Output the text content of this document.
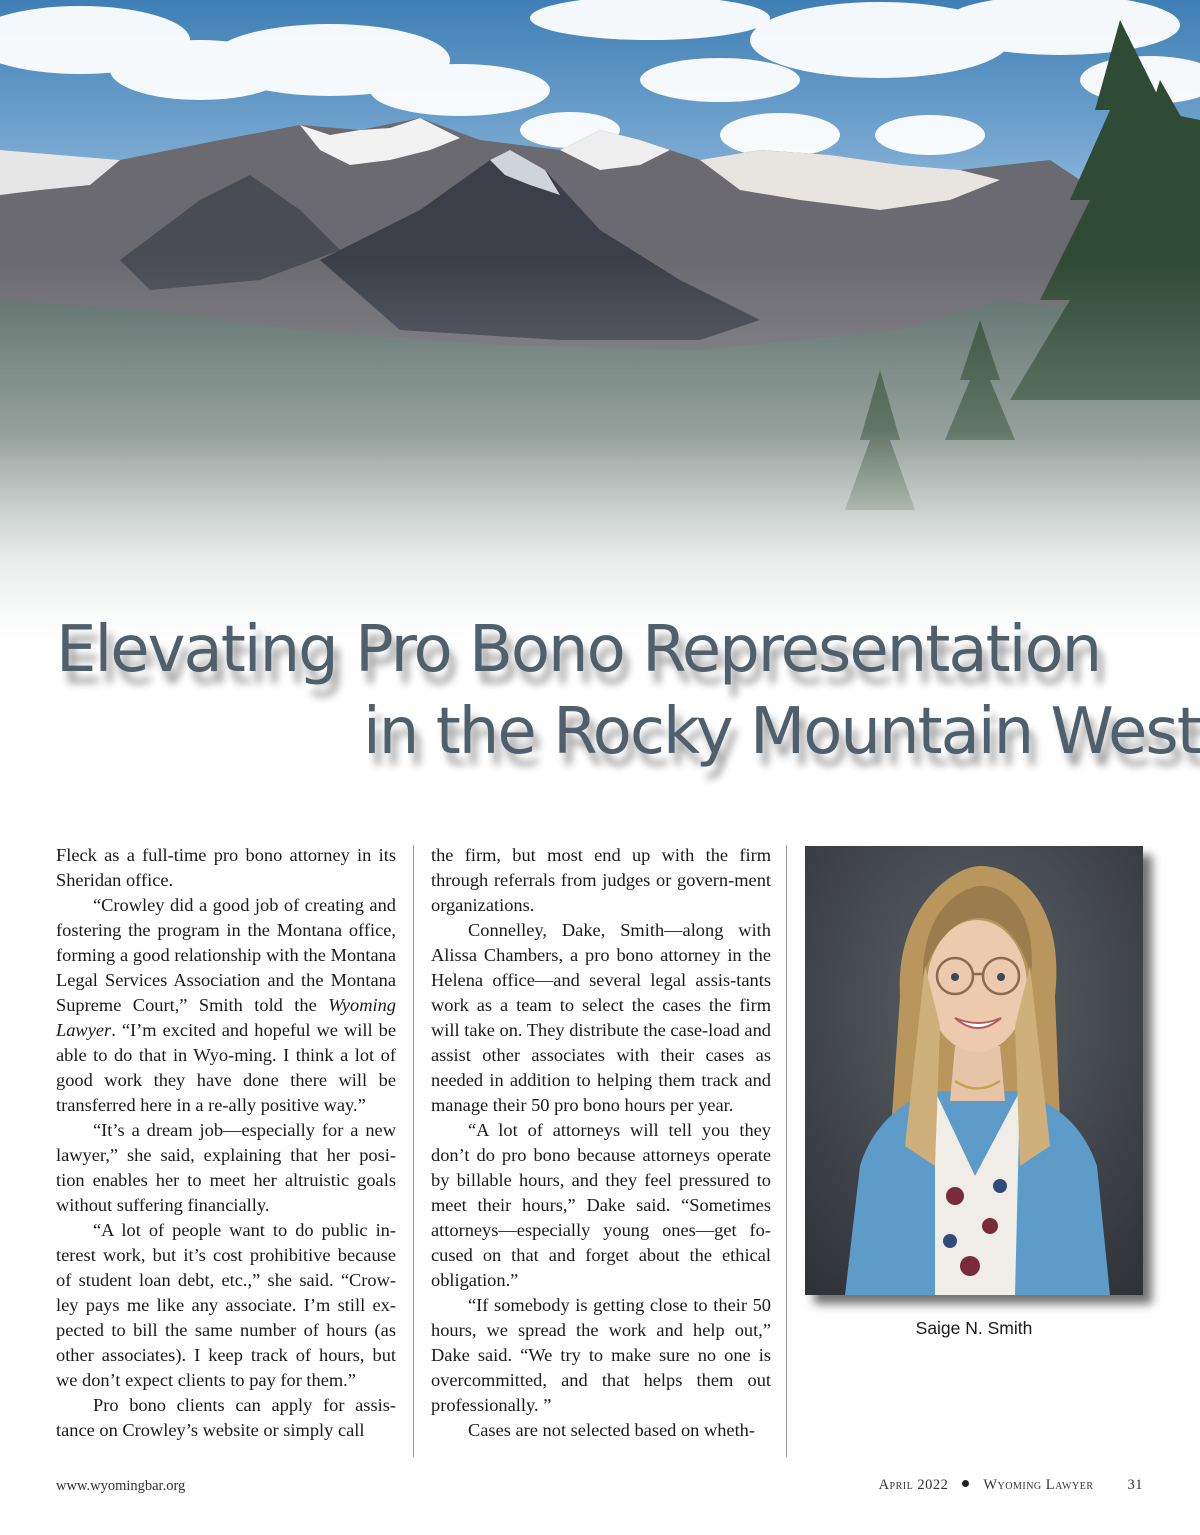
Elevating Pro Bono Representation
in the Rocky Mountain West

Fleck as a full-time pro bono attorney in its Sheridan office.

“Crowley did a good job of creating and fostering the program in the Montana office, forming a good relationship with the Montana Legal Services Association and the Montana Supreme Court,” Smith told the Wyoming Lawyer. “I’m excited and hopeful we will be able to do that in Wyo-ming. I think a lot of good work they have done there will be transferred here in a re-ally positive way.”

“It’s a dream job—especially for a new lawyer,” she said, explaining that her posi-tion enables her to meet her altruistic goals without suffering financially.

“A lot of people want to do public in-terest work, but it’s cost prohibitive because of student loan debt, etc.,” she said. “Crow-ley pays me like any associate. I’m still ex-pected to bill the same number of hours (as other associates). I keep track of hours, but we don’t expect clients to pay for them.”

Pro bono clients can apply for assis-tance on Crowley’s website or simply call

the firm, but most end up with the firm through referrals from judges or govern-ment organizations.

Connelley, Dake, Smith—along with Alissa Chambers, a pro bono attorney in the Helena office—and several legal assis-tants work as a team to select the cases the firm will take on. They distribute the case-load and assist other associates with their cases as needed in addition to helping them track and manage their 50 pro bono hours per year.

“A lot of attorneys will tell you they don’t do pro bono because attorneys operate by billable hours, and they feel pressured to meet their hours,” Dake said. “Sometimes attorneys—especially young ones—get fo-cused on that and forget about the ethical obligation.”

“If somebody is getting close to their 50 hours, we spread the work and help out,” Dake said. “We try to make sure no one is overcommitted, and that helps them out professionally. ”

Cases are not selected based on wheth-

Saige N. Smith
www.wyomingbar.org	April 2022 Wyoming Lawyer 31
